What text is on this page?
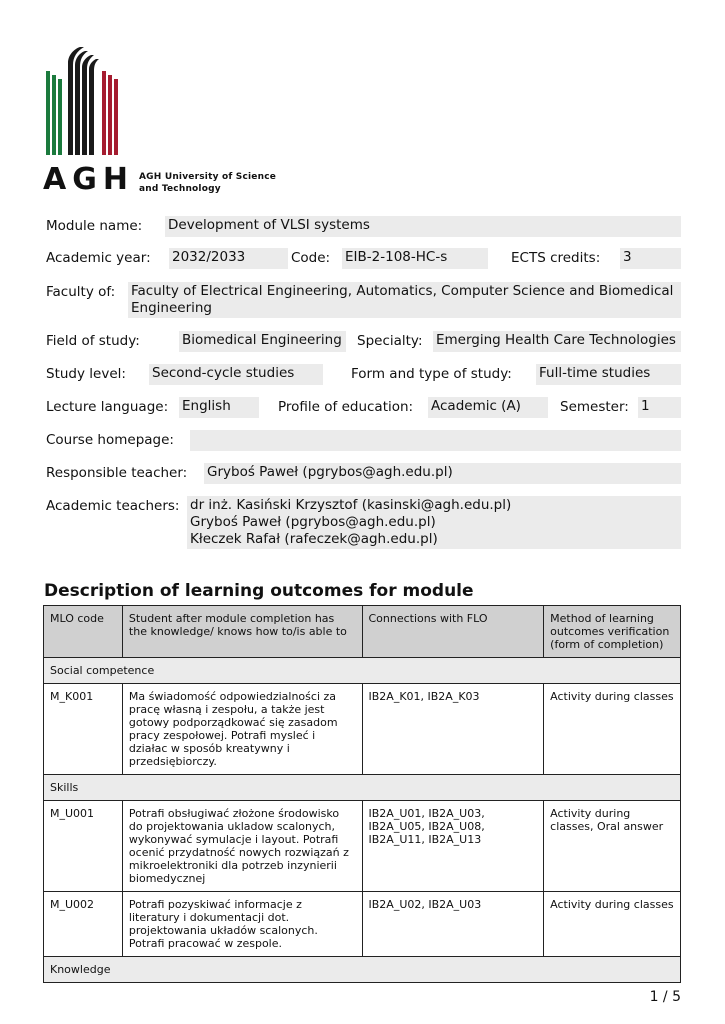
AGH AGH University of Science
and Technology
Module name: Development of VLSI systems
Academic year: 2032/2033	Code: EIB-2-108-HC-s	ECTS credits: 3
Faculty of: Faculty of Electrical Engineering, Automatics, Computer Science and Biomedical Engineering
Field of study:	Biomedical Engineering	Specialty: Emerging Health Care Technologies
Study level: Second-cycle studies	Form and type of study: Full-time studies
Lecture language: English	Profile of education: Academic (A)	Semester: 1
Course homepage:
Responsible teacher: Gryboś Paweł (pgrybos@agh.edu.pl)
Academic teachers: dr inż. Kasiński Krzysztof (kasinski@agh.edu.pl)
Gryboś Paweł (pgrybos@agh.edu.pl)
Kłeczek Rafał (rafeczek@agh.edu.pl)
Description of learning outcomes for module
MLO code	Student after module completion has the knowledge/ knows how to/is able to	Connections with FLO	Method of learning outcomes verification (form of completion)
Social competence			
M_K001	Ma świadomość odpowiedzialności za pracę własną i zespołu, a także jest gotowy podporządkować się zasadom pracy zespołowej. Potrafi mysleć i działac w sposób kreatywny i przedsiębiorczy.	IB2A_K01, IB2A_K03	Activity during classes
Skills			
M_U001	Potrafi obsługiwać złożone środowisko do projektowania ukladow scalonych, wykonywać symulacje i layout. Potrafi ocenić przydatność nowych rozwiązań z mikroelektroniki dla potrzeb inzynierii biomedycznej	IB2A_U01, IB2A_U03, IB2A_U05, IB2A_U08, IB2A_U11, IB2A_U13	Activity during classes, Oral answer
M_U002	Potrafi pozyskiwać informacje z literatury i dokumentacji dot. projektowania układów scalonych. Potrafi pracować w zespole.	IB2A_U02, IB2A_U03	Activity during classes
Knowledge			
1 / 5
